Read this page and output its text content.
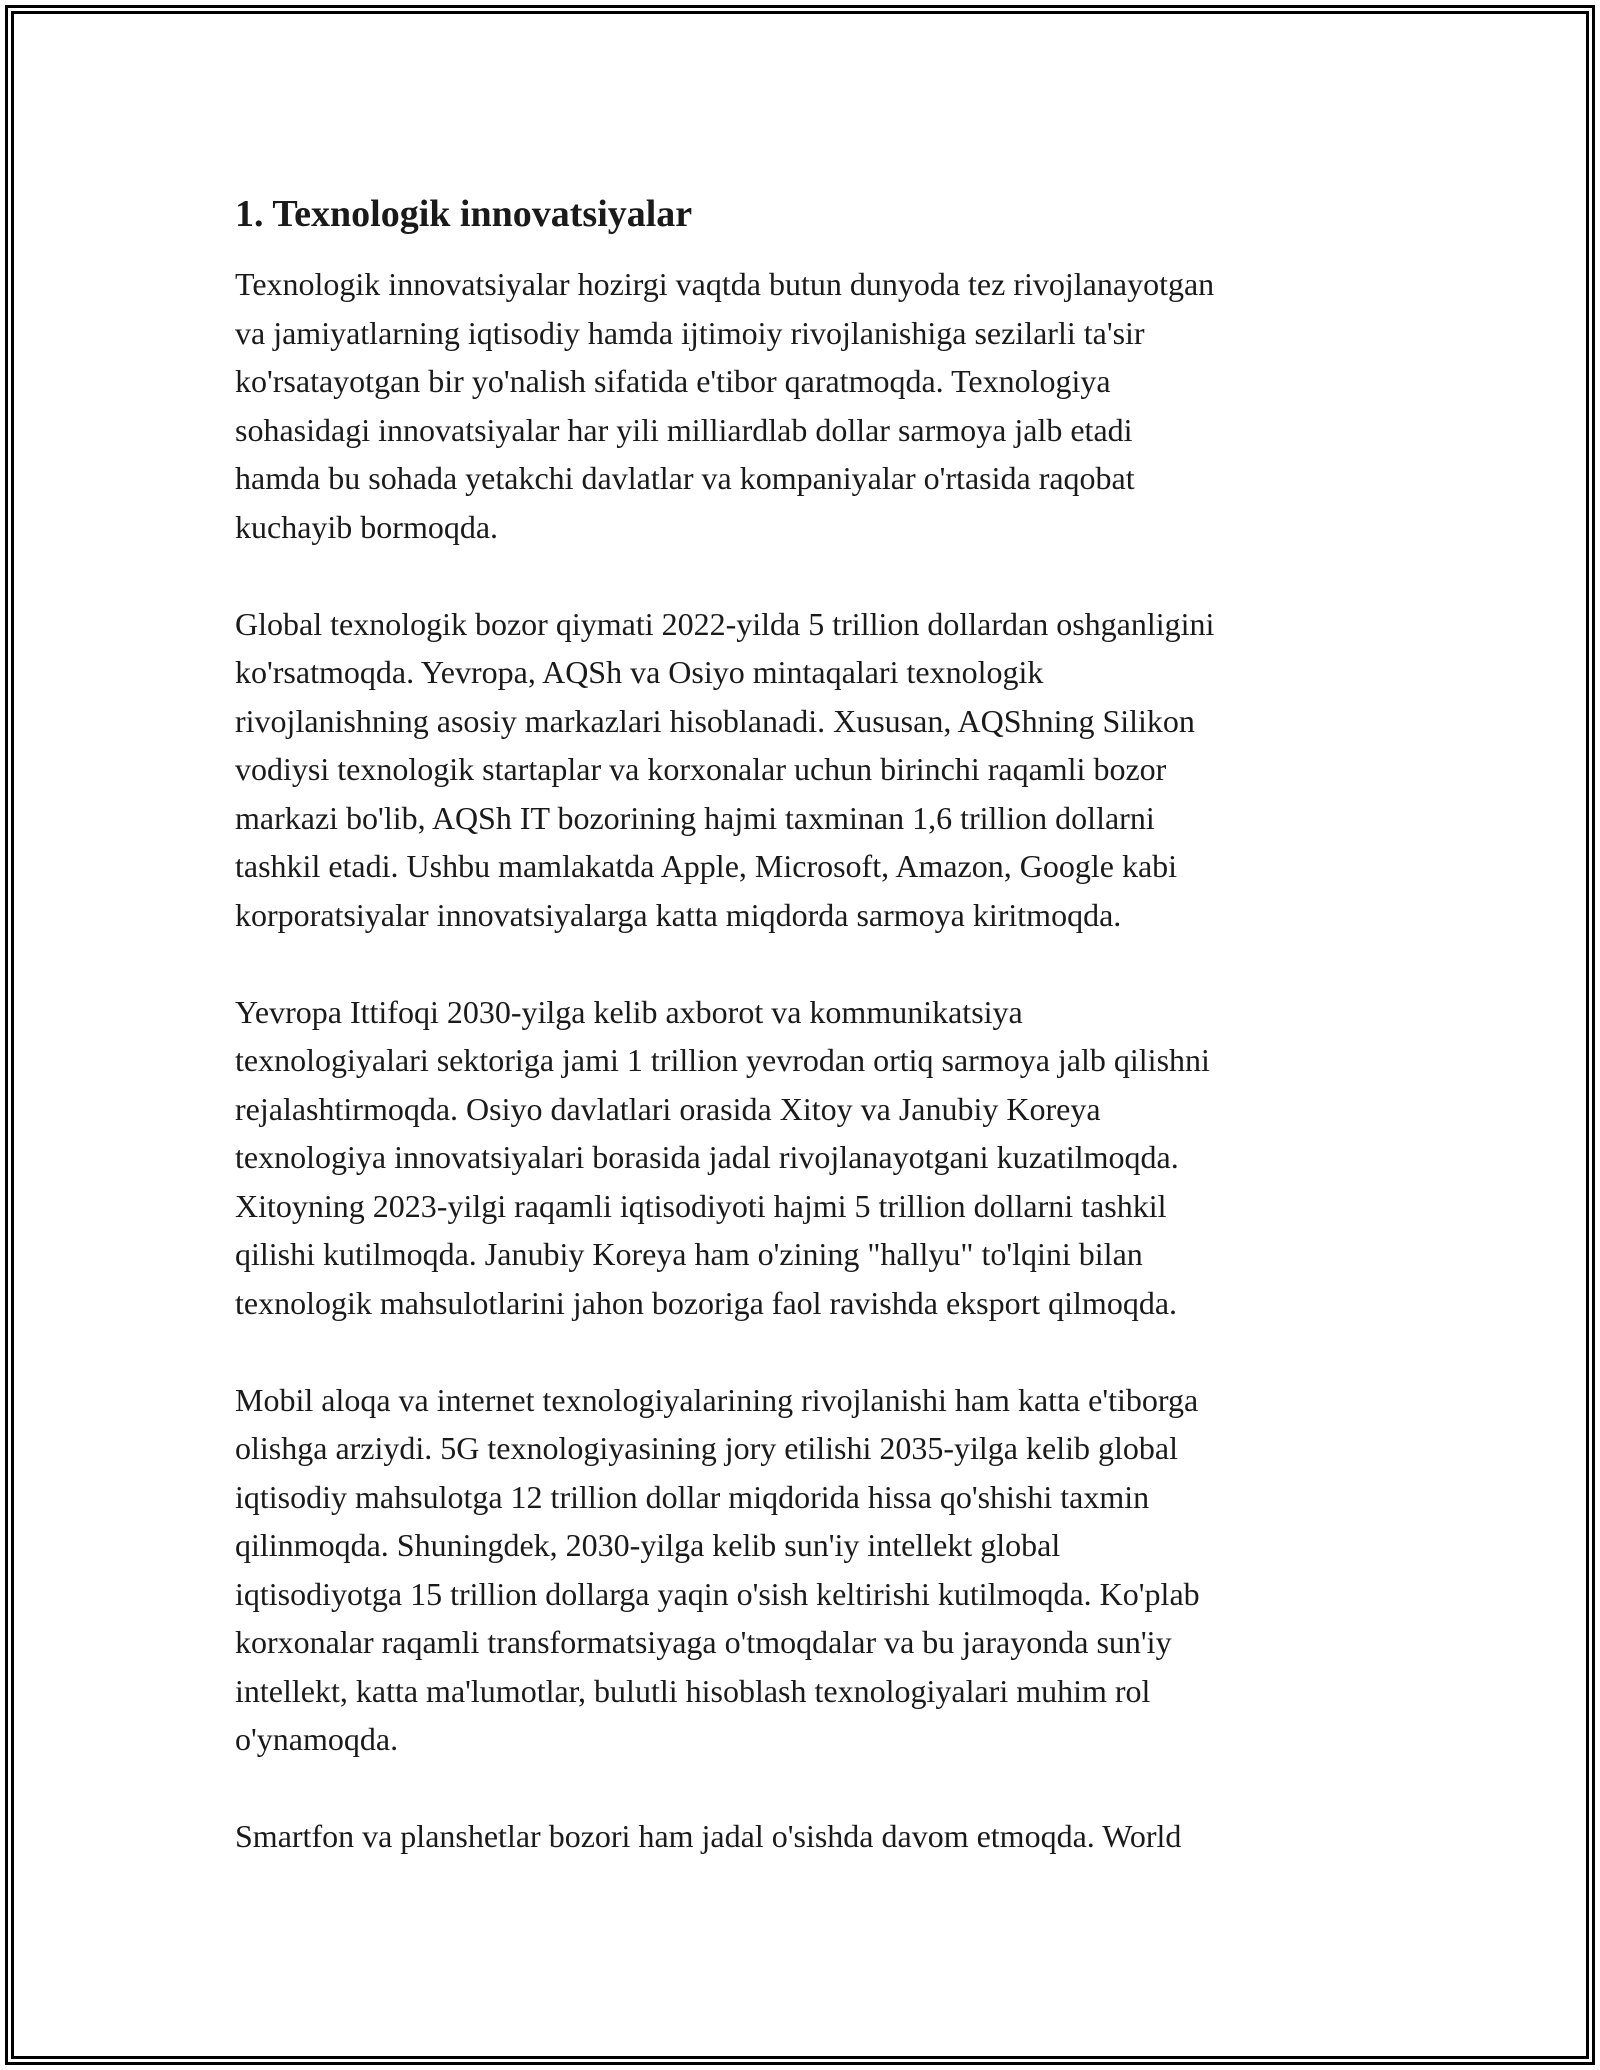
1. Texnologik innovatsiyalar

Texnologik innovatsiyalar hozirgi vaqtda butun dunyoda tez rivojlanayotgan
va jamiyatlarning iqtisodiy hamda ijtimoiy rivojlanishiga sezilarli ta'sir
ko'rsatayotgan bir yo'nalish sifatida e'tibor qaratmoqda. Texnologiya
sohasidagi innovatsiyalar har yili milliardlab dollar sarmoya jalb etadi
hamda bu sohada yetakchi davlatlar va kompaniyalar o'rtasida raqobat
kuchayib bormoqda.

Global texnologik bozor qiymati 2022-yilda 5 trillion dollardan oshganligini
ko'rsatmoqda. Yevropa, AQSh va Osiyo mintaqalari texnologik
rivojlanishning asosiy markazlari hisoblanadi. Xususan, AQShning Silikon
vodiysi texnologik startaplar va korxonalar uchun birinchi raqamli bozor
markazi bo'lib, AQSh IT bozorining hajmi taxminan 1,6 trillion dollarni
tashkil etadi. Ushbu mamlakatda Apple, Microsoft, Amazon, Google kabi
korporatsiyalar innovatsiyalarga katta miqdorda sarmoya kiritmoqda.

Yevropa Ittifoqi 2030-yilga kelib axborot va kommunikatsiya
texnologiyalari sektoriga jami 1 trillion yevrodan ortiq sarmoya jalb qilishni
rejalashtirmoqda. Osiyo davlatlari orasida Xitoy va Janubiy Koreya
texnologiya innovatsiyalari borasida jadal rivojlanayotgani kuzatilmoqda.
Xitoyning 2023-yilgi raqamli iqtisodiyoti hajmi 5 trillion dollarni tashkil
qilishi kutilmoqda. Janubiy Koreya ham o'zining "hallyu" to'lqini bilan
texnologik mahsulotlarini jahon bozoriga faol ravishda eksport qilmoqda.

Mobil aloqa va internet texnologiyalarining rivojlanishi ham katta e'tiborga
olishga arziydi. 5G texnologiyasining jory etilishi 2035-yilga kelib global
iqtisodiy mahsulotga 12 trillion dollar miqdorida hissa qo'shishi taxmin
qilinmoqda. Shuningdek, 2030-yilga kelib sun'iy intellekt global
iqtisodiyotga 15 trillion dollarga yaqin o'sish keltirishi kutilmoqda. Ko'plab
korxonalar raqamli transformatsiyaga o'tmoqdalar va bu jarayonda sun'iy
intellekt, katta ma'lumotlar, bulutli hisoblash texnologiyalari muhim rol
o'ynamoqda.

Smartfon va planshetlar bozori ham jadal o'sishda davom etmoqda. World
